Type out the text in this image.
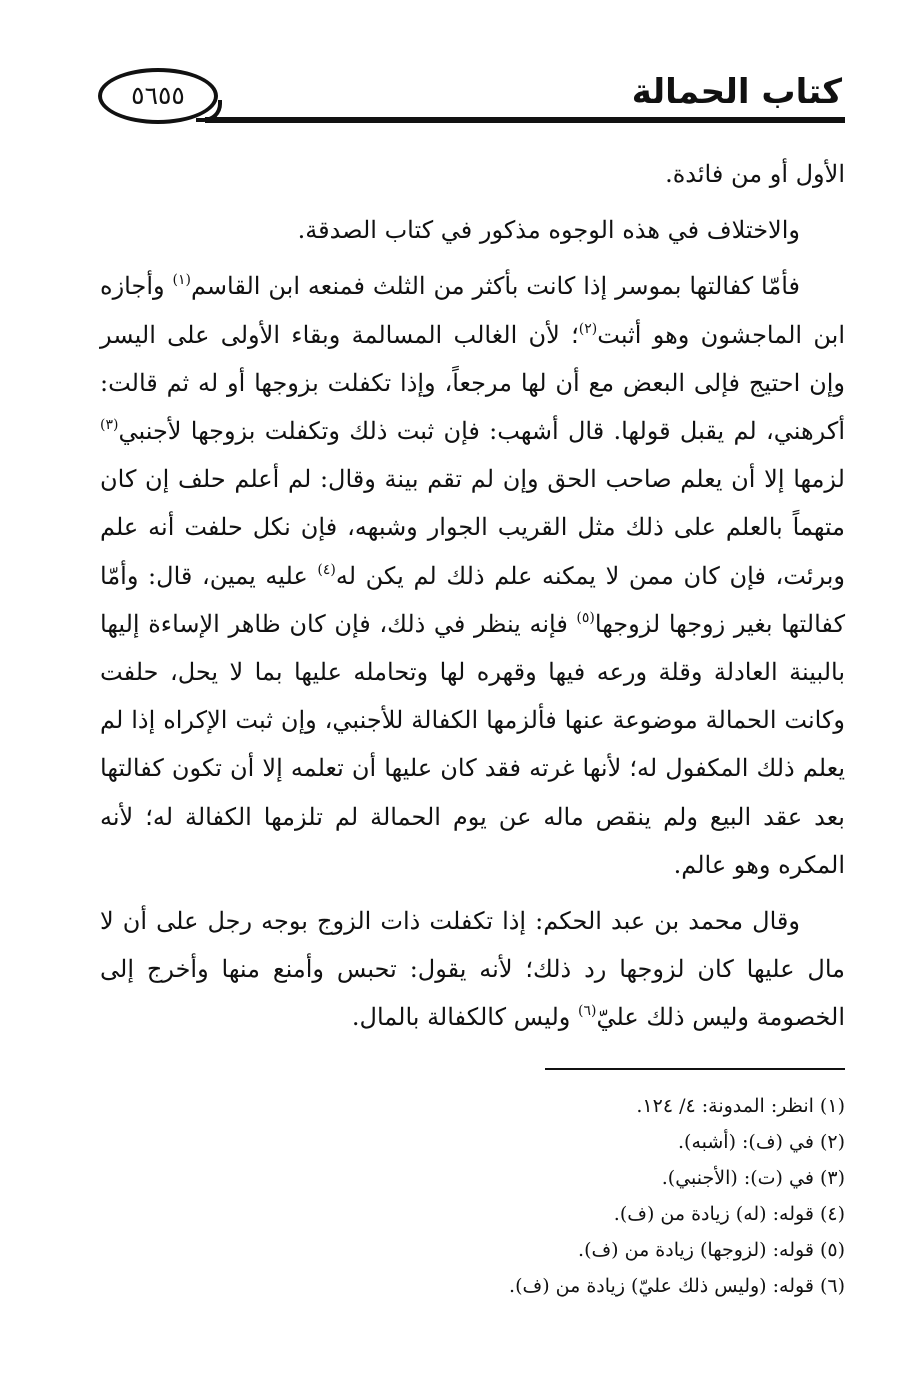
كتاب الحمالة
٥٦٥٥

الأول أو من فائدة.

والاختلاف في هذه الوجوه مذكور في كتاب الصدقة.

فأمّا كفالتها بموسر إذا كانت بأكثر من الثلث فمنعه ابن القاسم$^{(١)}$ وأجازه ابن الماجشون وهو أثبت$^{(٢)}$؛ لأن الغالب المسالمة وبقاء الأولى على اليسر وإن احتيج فإلى البعض مع أن لها مرجعاً، وإذا تكفلت بزوجها أو له ثم قالت: أكرهني، لم يقبل قولها. قال أشهب: فإن ثبت ذلك وتكفلت بزوجها لأجنبي$^{(٣)}$ لزمها إلا أن يعلم صاحب الحق وإن لم تقم بينة وقال: لم أعلم حلف إن كان متهماً بالعلم على ذلك مثل القريب الجوار وشبهه، فإن نكل حلفت أنه علم وبرئت، فإن كان ممن لا يمكنه علم ذلك لم يكن له$^{(٤)}$ عليه يمين، قال: وأمّا كفالتها بغير زوجها لزوجها$^{(٥)}$ فإنه ينظر في ذلك، فإن كان ظاهر الإساءة إليها بالبينة العادلة وقلة ورعه فيها وقهره لها وتحامله عليها بما لا يحل، حلفت وكانت الحمالة موضوعة عنها فألزمها الكفالة للأجنبي، وإن ثبت الإكراه إذا لم يعلم ذلك المكفول له؛ لأنها غرته فقد كان عليها أن تعلمه إلا أن تكون كفالتها بعد عقد البيع ولم ينقص ماله عن يوم الحمالة لم تلزمها الكفالة له؛ لأنه المكره وهو عالم.

وقال محمد بن عبد الحكم: إذا تكفلت ذات الزوج بوجه رجل على أن لا مال عليها كان لزوجها رد ذلك؛ لأنه يقول: تحبس وأمنع منها وأخرج إلى الخصومة وليس ذلك عليّ$^{(٦)}$ وليس كالكفالة بالمال.

(١) انظر: المدونة: ٤/ ١٢٤.
(٢) في (ف): (أشبه).
(٣) في (ت): (الأجنبي).
(٤) قوله: (له) زيادة من (ف).
(٥) قوله: (لزوجها) زيادة من (ف).
(٦) قوله: (وليس ذلك عليّ) زيادة من (ف).
